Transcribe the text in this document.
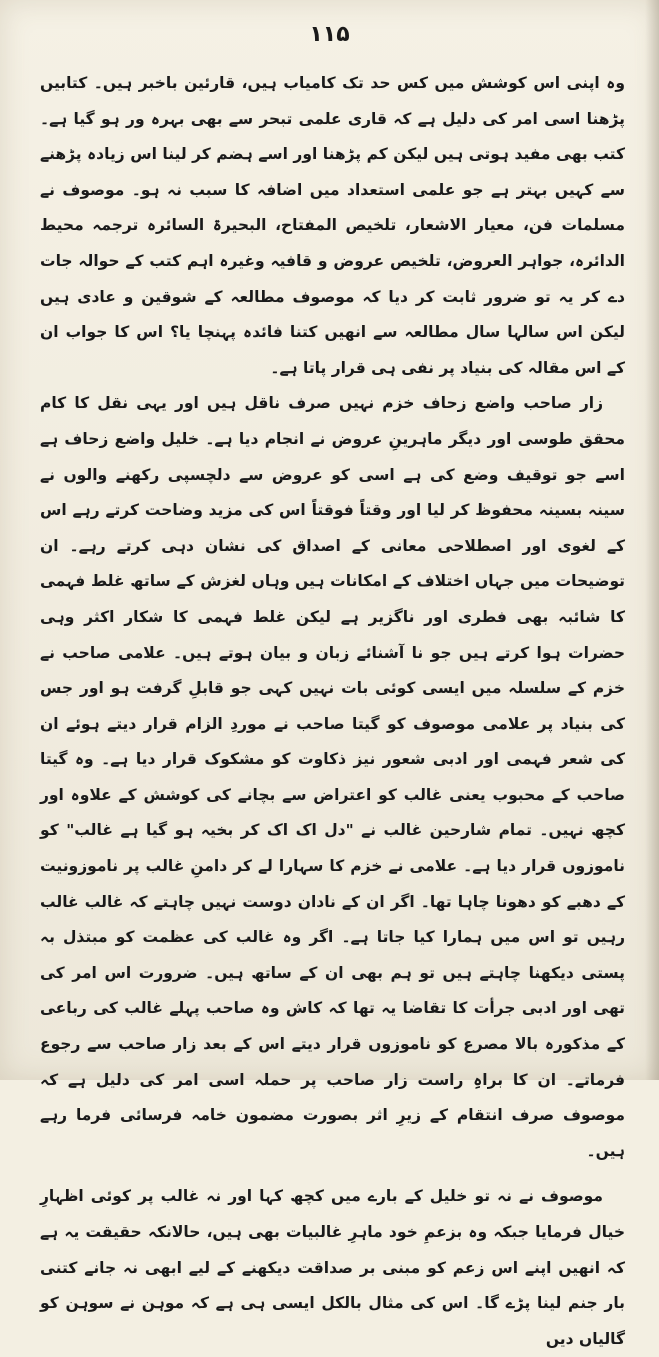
۱۱۵

وہ اپنی اس کوشش میں کس حد تک کامیاب ہیں، قارئین باخبر ہیں۔ کتابیں پڑھنا اسی امر کی دلیل ہے کہ قاری علمی تبحر سے بھی بہرہ ور ہو گیا ہے۔ کتب بھی مفید ہوتی ہیں لیکن کم پڑھنا اور اسے ہضم کر لینا اس زیادہ پڑھنے سے کہیں بہتر ہے جو علمی استعداد میں اضافہ کا سبب نہ ہو۔ موصوف نے مسلمات فن، معیار الاشعار، تلخیص المفتاح، البحیرۃ السائرہ ترجمہ محیط الدائرہ، جواہر العروض، تلخیص عروض و قافیہ وغیرہ اہم کتب کے حوالہ جات دے کر یہ تو ضرور ثابت کر دیا کہ موصوف مطالعہ کے شوقین و عادی ہیں لیکن اس سالہا سال مطالعہ سے انھیں کتنا فائدہ پہنچا یا؟ اس کا جواب ان کے اس مقالہ کی بنیاد پر نفی ہی قرار پاتا ہے۔

زار صاحب واضع زحاف خزم نہیں صرف ناقل ہیں اور یہی نقل کا کام محقق طوسی اور دیگر ماہرینِ عروض نے انجام دیا ہے۔ خلیل واضع زحاف ہے اسے جو توقیف وضع کی ہے اسی کو عروض سے دلچسپی رکھنے والوں نے سینہ بسینہ محفوظ کر لیا اور وقتاً فوقتاً اس کی مزید وضاحت کرتے رہے اس کے لغوی اور اصطلاحی معانی کے اصداق کی نشان دہی کرتے رہے۔ ان توضیحات میں جہاں اختلاف کے امکانات ہیں وہاں لغزش کے ساتھ غلط فہمی کا شائبہ بھی فطری اور ناگزیر ہے لیکن غلط فہمی کا شکار اکثر وہی حضرات ہوا کرتے ہیں جو نا آشنائے زبان و بیان ہوتے ہیں۔ علامی صاحب نے خزم کے سلسلہ میں ایسی کوئی بات نہیں کہی جو قابلِ گرفت ہو اور جس کی بنیاد پر علامی موصوف کو گیتا صاحب نے موردِ الزام قرار دیتے ہوئے ان کی شعر فہمی اور ادبی شعور نیز ذکاوت کو مشکوک قرار دیا ہے۔ وہ گیتا صاحب کے محبوب یعنی غالب کو اعتراض سے بچانے کی کوشش کے علاوہ اور کچھ نہیں۔ تمام شارحین غالب نے "دل اک اک کر بخیہ ہو گیا ہے غالب" کو ناموزوں قرار دیا ہے۔ علامی نے خزم کا سہارا لے کر دامنِ غالب پر ناموزونیت کے دھبے کو دھونا چاہا تھا۔ اگر ان کے نادان دوست نہیں چاہتے کہ غالب غالب رہیں تو اس میں ہمارا کیا جاتا ہے۔ اگر وہ غالب کی عظمت کو مبتذل بہ پستی دیکھنا چاہتے ہیں تو ہم بھی ان کے ساتھ ہیں۔ ضرورت اس امر کی تھی اور ادبی جرأت کا تقاضا یہ تھا کہ کاش وہ صاحب پہلے غالب کی رباعی کے مذکورہ بالا مصرع کو ناموزوں قرار دیتے اس کے بعد زار صاحب سے رجوع فرماتے۔ ان کا براہِ راست زار صاحب پر حملہ اسی امر کی دلیل ہے کہ موصوف صرف انتقام کے زیرِ اثر بصورت مضمون خامہ فرسائی فرما رہے ہیں۔

موصوف نے نہ تو خلیل کے بارے میں کچھ کہا اور نہ غالب پر کوئی اظہارِ خیال فرمایا جبکہ وہ بزعمِ خود ماہرِ غالبیات بھی ہیں، حالانکہ حقیقت یہ ہے کہ انھیں اپنے اس زعم کو مبنی بر صداقت دیکھنے کے لیے ابھی نہ جانے کتنی بار جنم لینا پڑے گا۔ اس کی مثال بالکل ایسی ہی ہے کہ موہن نے سوہن کو گالیاں دیں
